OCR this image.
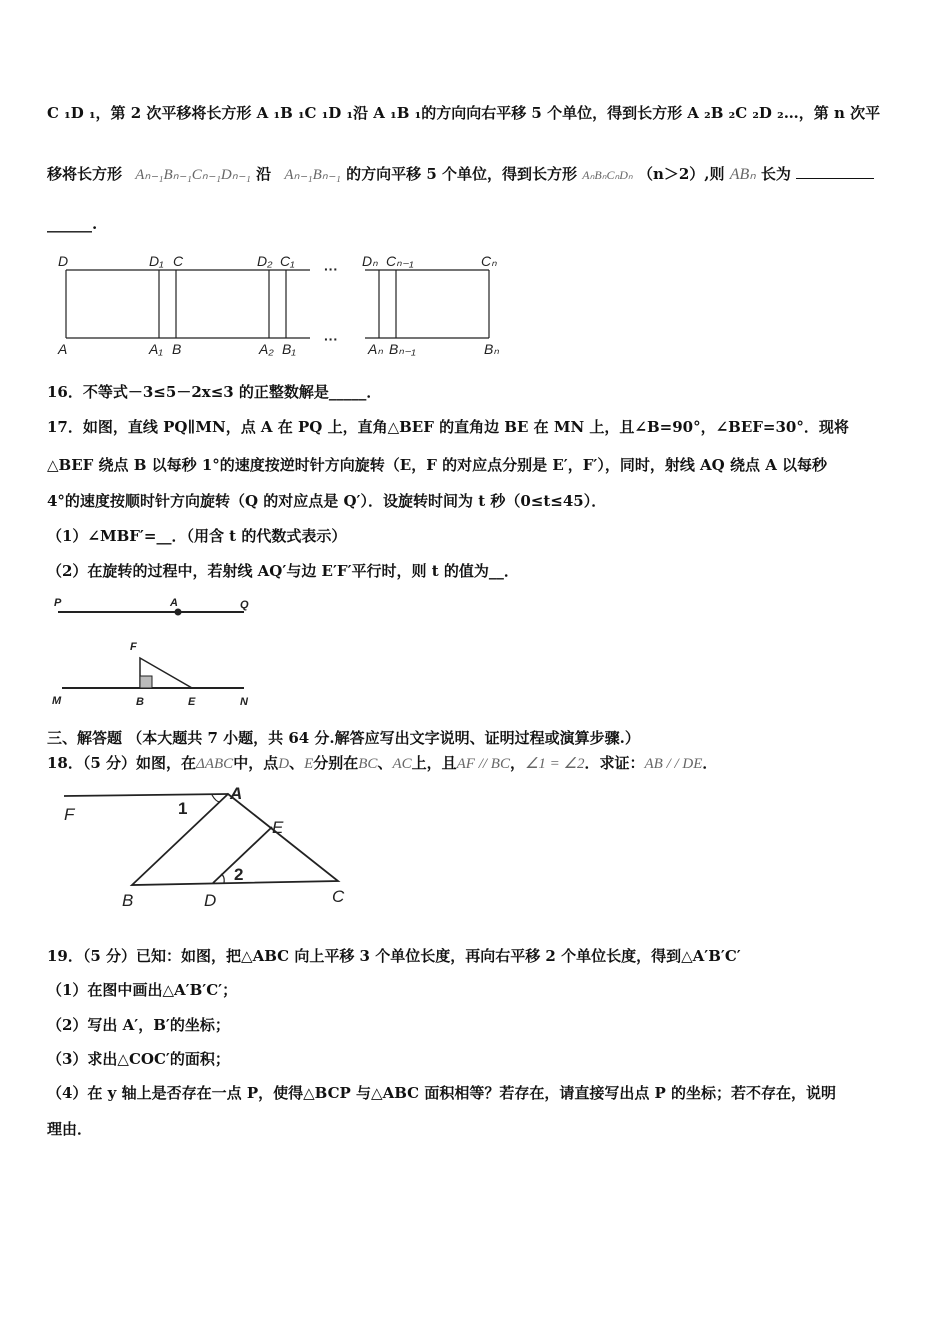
C ₁D ₁，第 2 次平移将长方形 A ₁B ₁C ₁D ₁沿 A ₁B ₁的方向向右平移 5 个单位，得到长方形 A ₂B ₂C ₂D ₂…，第 n 次平
移将长方形 Aₙ₋₁Bₙ₋₁Cₙ₋₁Dₙ₋₁ 沿 Aₙ₋₁Bₙ₋₁ 的方向平移 5 个单位，得到长方形 AₙBₙCₙDₙ （n＞2）,则 ABₙ 长为
______.
D	D₁ C	D₂ C₁ ··· Dₙ Cₙ₋₁	Cₙ
A	A₁ B	A₂ B₁
···
Aₙ Bₙ₋₁	Bₙ
16．不等式－3≤5－2x≤3 的正整数解是_____．
17．如图，直线 PQ∥MN，点 A 在 PQ 上，直角△BEF 的直角边 BE 在 MN 上，且∠B=90°，∠BEF=30°．现将
△BEF 绕点 B 以每秒 1°的速度按逆时针方向旋转（E，F 的对应点分别是 E′，F′），同时，射线 AQ 绕点 A 以每秒
4°的速度按顺时针方向旋转（Q 的对应点是 Q′）．设旋转时间为 t 秒（0≤t≤45）．
（1）∠MBF′=__．（用含 t 的代数式表示）
（2）在旋转的过程中，若射线 AQ′与边 E′F′平行时，则 t 的值为__．
P	A	Q
F
M	B	E	N
三、解答题 （本大题共 7 小题，共 64 分.解答应写出文字说明、证明过程或演算步骤.）
18．（5 分）如图，在ΔABC中，点D、E分别在BC、AC上，且AF // BC，∠1 = ∠2．求证：AB / / DE．
F	1
A
E
2
B	D	C
19．（5 分）已知：如图，把△ABC 向上平移 3 个单位长度，再向右平移 2 个单位长度，得到△A′B′C′
（1）在图中画出△A′B′C′；
（2）写出 A′，B′的坐标；
（3）求出△COC′的面积；
（4）在 y 轴上是否存在一点 P，使得△BCP 与△ABC 面积相等？若存在，请直接写出点 P 的坐标；若不存在，说明
理由．
